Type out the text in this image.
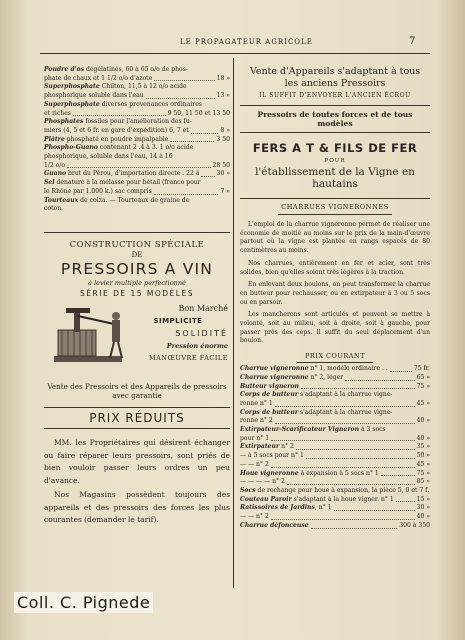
LE PROPAGATEUR AGRICOLE	7
Poudre d'os dégélatinés, 60 à 65 o/o de phos-
phate de chaux et 1 1/2 o/o d'azote	18 »
Superphosphate Chilton, 11,5 à 12 o/o acide
phosphorique soluble dans l'eau	13 »
Superphosphate diverses provenances ordinaires
et riches	9 50, 11 50 et 13 50
Phosphates fossiles pour l'amélioration des fu-
miers (4, 5 et 6 fr. en gare d'expédition) 6, 7 et	8 »
Plâtre phosphaté en poudre impalpable	3 50
Phospho-Guano contenant 2 .4 à 3. 1 o/o acide
phosphorique, soluble dans l'eau, 14 à 16
1/2 o/o	28 50
Guano brut du Pérou, d'importation directe . 22 à	30 »
Sel dénaturé à la mélasse pour bétail (franco pour
le Rhône par 1.000 k.) sac compris	7 »
Tourteaux de colza. — Tourteaux de graine de
coton.
CONSTRUCTION SPÉCIALE
DE
PRESSOIRS A VIN
à levier multiple perfectionné
SÉRIE DE 15 MODÈLES
Bon Marché
SIMPLICITÉ
SOLIDITÉ
Pression énorme
MANŒUVRE FACILE
Vente des Pressoirs et des Appareils de pressoirs avec garantie
PRIX RÉDUITS
MM. les Propriétaires qui désirent échanger ou faire réparer leurs pressoirs, sont priés de bien vouloir passer leurs ordres un peu d'avance.
Nos Magasins possèdent toujours des appareils et des pressoirs des forces les plus courantes (demander le tarif).
Vente d'Appareils s'adaptant à tous
les anciens Pressoirs
IL SUFFIT D'ENVOYER L'ANCIEN ÉCROU
Pressoirs de toutes forces et de tous modèles
FERS A T & FILS DE FER
POUR
l'établissement de la Vigne en hautains
CHARRUES VIGNERONNES
L'emploi de la charrue vigneronne permet de réaliser une économie de moitié au moins sur le prix de la main-d'œuvre partout où la vigne est plantée en rangs espacés de 80 centimètres au moins.
Nos charrues, entièrement en fer et acier, sont très solides, bien qu'elles soient très légères à la traction.
En enlevant deux boulons, on peut transformer la charrue en butteur pour rechausser, ou en extirpateur à 3 ou 5 socs ou en parsoir.
Les mancherons sont articulés et peuvent se mettre à volonté, soit au milieu, soit à droite, soit à gauche, pour passer près des ceps. Il suffit du seul déplacement d'un boulon.
PRIX COURANT
Charrue vigneronne n° 1, modèle ordinaire . .	75 fr.
Charrue vigneronne n° 2, léger	65 »
Butteur vigneron	75 »
Corps de butteur s'adaptant à la charrue vigne-
ronne n° 1	45 »
Corps de butteur s'adaptant à la charrue vigne-
ronne n° 2	40 »
Extirpateur-Scarificateur Vigneron à 3 socs
pour n° 1	40 »
Extirpateur n° 2	35 »
— à 5 socs pour n° 1	50 »
— — n° 2	45 »
Houe vigneronne à expansion à 5 socs n° 1	75 »
— — — — n° 2	85 »
Socs de rechange pour houe à expansion, la pièce 5, 0 et 7 f.
Couteau Paroir s'adaptant à la houe vigner. n° 1	15 »
Ratissoires de Jardins, n° 1	30 »
— — n° 2	40 »
Charrue défonceuse	300 à 350
Coll. C. Pignede
